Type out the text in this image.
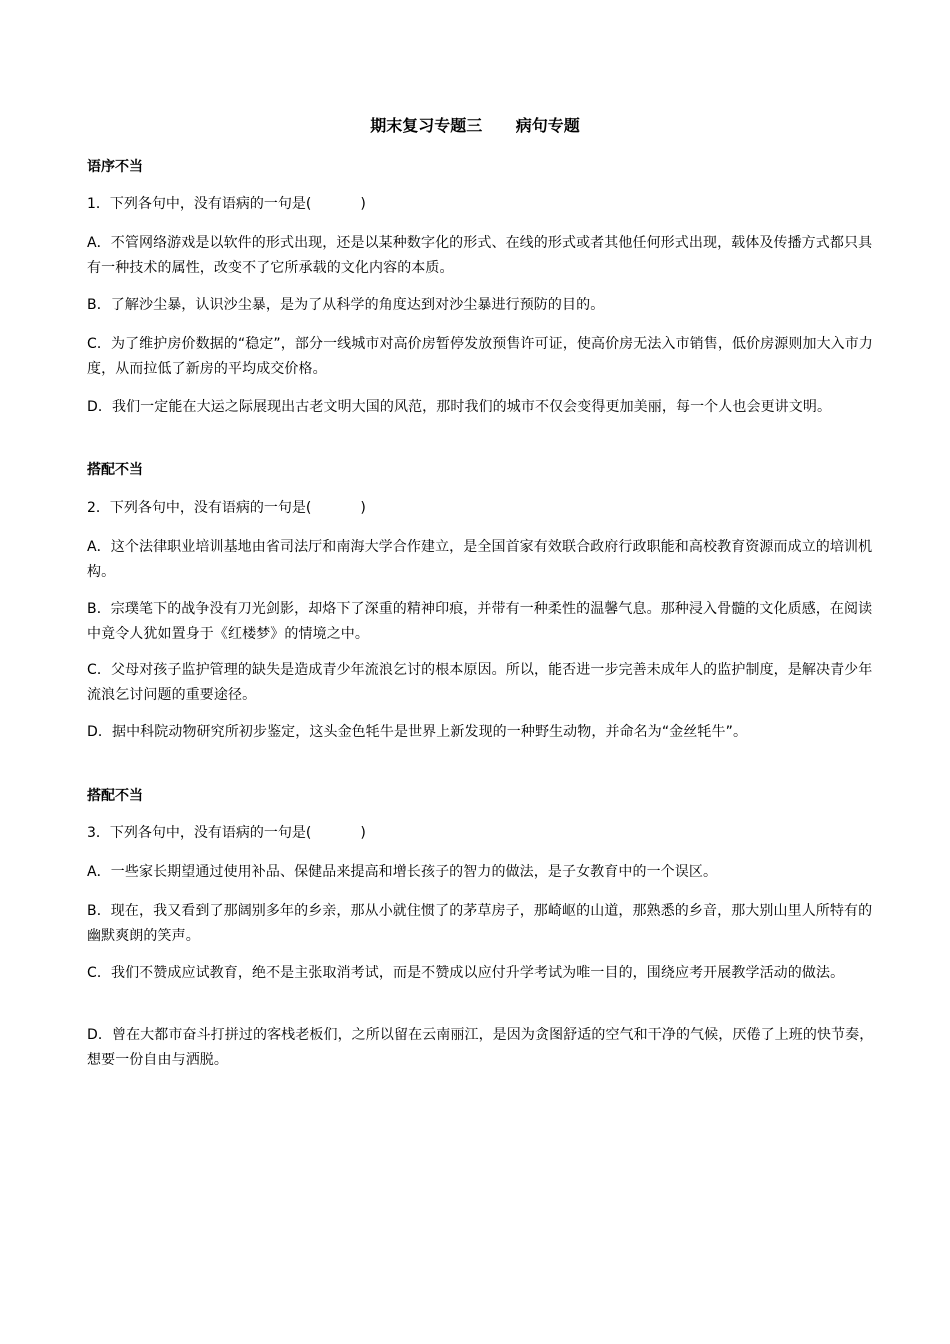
期末复习专题三      病句专题
语序不当
1．下列各句中，没有语病的一句是(           )

A．不管网络游戏是以软件的形式出现，还是以某种数字化的形式、在线的形式或者其他任何形式出现，载体及传播方式都只具有一种技术的属性，改变不了它所承载的文化内容的本质。

B．了解沙尘暴，认识沙尘暴，是为了从科学的角度达到对沙尘暴进行预防的目的。

C．为了维护房价数据的“稳定”，部分一线城市对高价房暂停发放预售许可证，使高价房无法入市销售，低价房源则加大入市力度，从而拉低了新房的平均成交价格。

D．我们一定能在大运之际展现出古老文明大国的风范，那时我们的城市不仅会变得更加美丽，每一个人也会更讲文明。

搭配不当
2．下列各句中，没有语病的一句是(           )

A．这个法律职业培训基地由省司法厅和南海大学合作建立，是全国首家有效联合政府行政职能和高校教育资源而成立的培训机构。

B．宗璞笔下的战争没有刀光剑影，却烙下了深重的精神印痕，并带有一种柔性的温馨气息。那种浸入骨髓的文化质感，在阅读中竟令人犹如置身于《红楼梦》的情境之中。

C．父母对孩子监护管理的缺失是造成青少年流浪乞讨的根本原因。所以，能否进一步完善未成年人的监护制度，是解决青少年流浪乞讨问题的重要途径。

D．据中科院动物研究所初步鉴定，这头金色牦牛是世界上新发现的一种野生动物，并命名为“金丝牦牛”。

搭配不当
3．下列各句中，没有语病的一句是(           )

A．一些家长期望通过使用补品、保健品来提高和增长孩子的智力的做法，是子女教育中的一个误区。

B．现在，我又看到了那阔别多年的乡亲，那从小就住惯了的茅草房子，那崎岖的山道，那熟悉的乡音，那大别山里人所特有的幽默爽朗的笑声。

C．我们不赞成应试教育，绝不是主张取消考试，而是不赞成以应付升学考试为唯一目的，围绕应考开展教学活动的做法。

D．曾在大都市奋斗打拼过的客栈老板们，之所以留在云南丽江，是因为贪图舒适的空气和干净的气候，厌倦了上班的快节奏，想要一份自由与洒脱。
